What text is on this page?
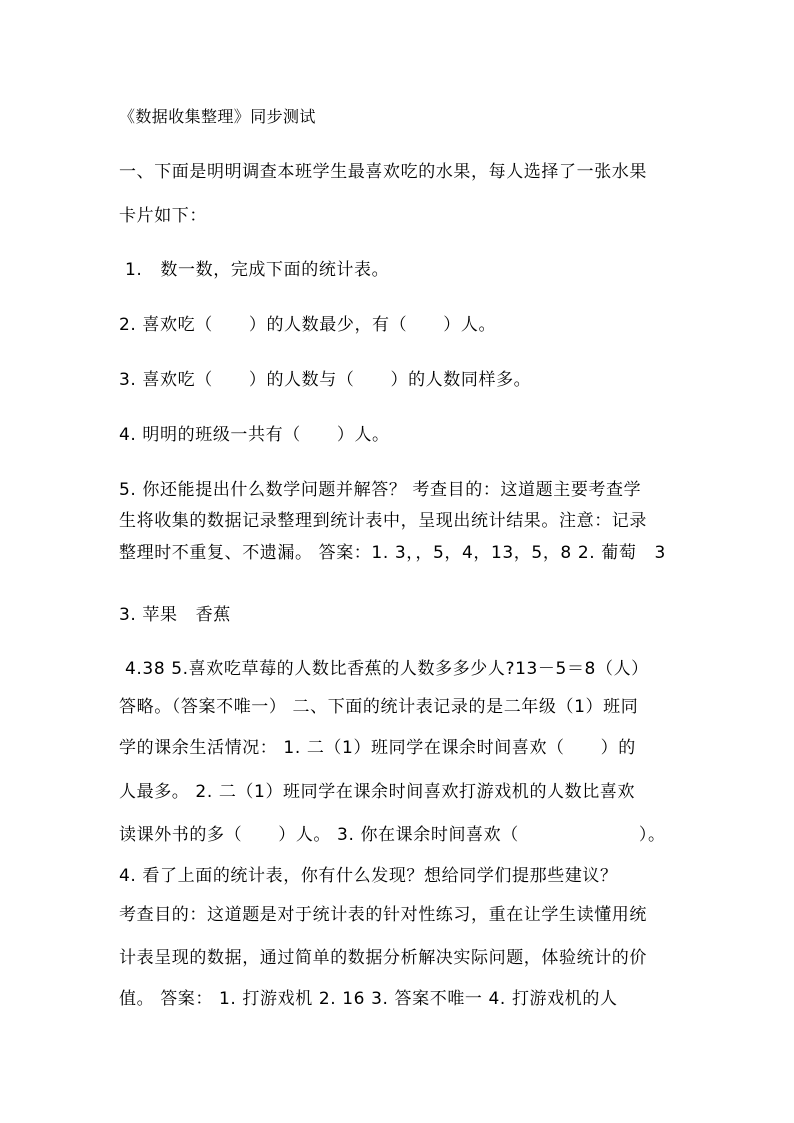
《数据收集整理》同步测试
一、下面是明明调查本班学生最喜欢吃的水果，每人选择了一张水果
卡片如下：
1.   数一数，完成下面的统计表。
2. 喜欢吃（      ）的人数最少，有（      ）人。
3. 喜欢吃（      ）的人数与（      ）的人数同样多。
4. 明明的班级一共有（      ）人。
5. 你还能提出什么数学问题并解答？ 考查目的：这道题主要考查学
生将收集的数据记录整理到统计表中，呈现出统计结果。注意：记录
整理时不重复、不遗漏。 答案：1. 3，，5，4，13，5，8 2. 葡萄   3
3. 苹果   香蕉
4.38 5.喜欢吃草莓的人数比香蕉的人数多多少人?13－5＝8（人）
答略。（答案不唯一） 二、下面的统计表记录的是二年级（1）班同
学的课余生活情况： 1. 二（1）班同学在课余时间喜欢（      ）的
人最多。 2. 二（1）班同学在课余时间喜欢打游戏机的人数比喜欢
读课外书的多（      ）人。 3. 你在课余时间喜欢（                    ）。
4. 看了上面的统计表，你有什么发现？想给同学们提那些建议？
考查目的：这道题是对于统计表的针对性练习，重在让学生读懂用统
计表呈现的数据，通过简单的数据分析解决实际问题，体验统计的价
值。 答案： 1. 打游戏机 2. 16 3. 答案不唯一 4. 打游戏机的人
